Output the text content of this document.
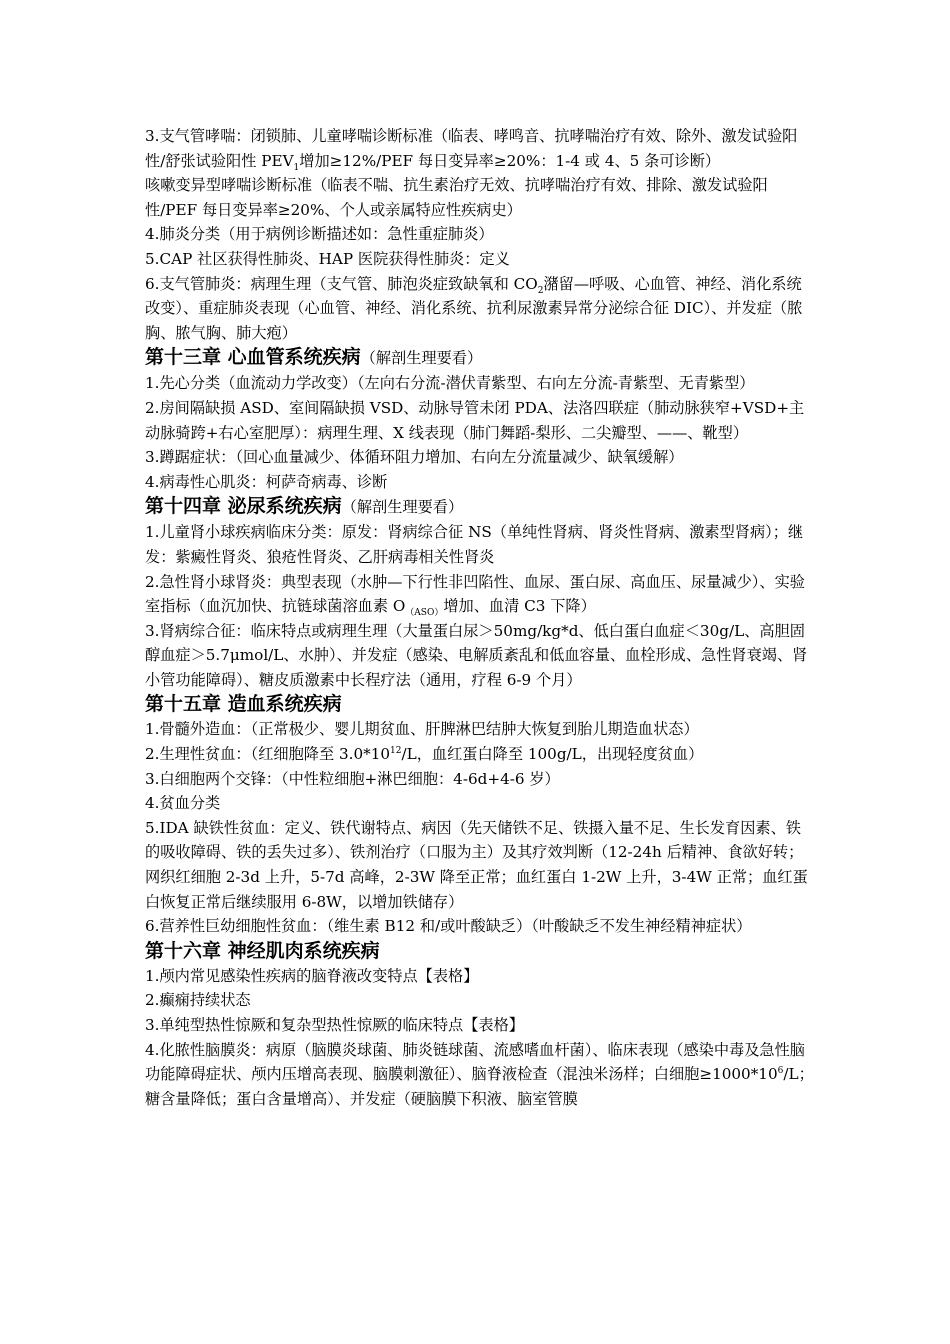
3.支气管哮喘：闭锁肺、儿童哮喘诊断标准（临表、哮鸣音、抗哮喘治疗有效、除外、激发试验阳性/舒张试验阳性 $PEV_1$增加≥12%/PEF 每日变异率≥20%：1-4 或 4、5 条可诊断）

咳嗽变异型哮喘诊断标准（临表不喘、抗生素治疗无效、抗哮喘治疗有效、排除、激发试验阳性/PEF 每日变异率≥20%、个人或亲属特应性疾病史）

4.肺炎分类（用于病例诊断描述如：急性重症肺炎）

5.CAP 社区获得性肺炎、HAP 医院获得性肺炎：定义

6.支气管肺炎：病理生理（支气管、肺泡炎症致缺氧和 $CO_2$潴留—呼吸、心血管、神经、消化系统改变）、重症肺炎表现（心血管、神经、消化系统、抗利尿激素异常分泌综合征 DIC）、并发症（脓胸、脓气胸、肺大疱）

第十三章 心血管系统疾病（解剖生理要看）

1.先心分类（血流动力学改变）（左向右分流-潜伏青紫型、右向左分流-青紫型、无青紫型）

2.房间隔缺损 ASD、室间隔缺损 VSD、动脉导管未闭 PDA、法洛四联症（肺动脉狭窄+VSD+主动脉骑跨+右心室肥厚）：病理生理、X 线表现（肺门舞蹈-梨形、二尖瓣型、——、靴型）

3.蹲踞症状：（回心血量减少、体循环阻力增加、右向左分流量减少、缺氧缓解）

4.病毒性心肌炎：柯萨奇病毒、诊断

第十四章 泌尿系统疾病（解剖生理要看）

1.儿童肾小球疾病临床分类：原发：肾病综合征 NS（单纯性肾病、肾炎性肾病、激素型肾病）；继发：紫癜性肾炎、狼疮性肾炎、乙肝病毒相关性肾炎

2.急性肾小球肾炎：典型表现（水肿—下行性非凹陷性、血尿、蛋白尿、高血压、尿量减少）、实验室指标（血沉加快、抗链球菌溶血素 $O_{(ASO)}$增加、血清 C3 下降）

3.肾病综合征：临床特点或病理生理（大量蛋白尿＞50mg/kg*d、低白蛋白血症＜30g/L、高胆固醇血症＞5.7μmol/L、水肿）、并发症（感染、电解质紊乱和低血容量、血栓形成、急性肾衰竭、肾小管功能障碍）、糖皮质激素中长程疗法（通用，疗程 6-9 个月）

第十五章 造血系统疾病

1.骨髓外造血：（正常极少、婴儿期贫血、肝脾淋巴结肿大恢复到胎儿期造血状态）

2.生理性贫血：（红细胞降至 $3.0*10^{12}/L$，血红蛋白降至 100g/L，出现轻度贫血）

3.白细胞两个交锋：（中性粒细胞+淋巴细胞：4-6d+4-6 岁）

4.贫血分类

5.IDA 缺铁性贫血：定义、铁代谢特点、病因（先天储铁不足、铁摄入量不足、生长发育因素、铁的吸收障碍、铁的丢失过多）、铁剂治疗（口服为主）及其疗效判断（12-24h 后精神、食欲好转；网织红细胞 2-3d 上升，5-7d 高峰，2-3W 降至正常；血红蛋白 1-2W 上升，3-4W 正常；血红蛋白恢复正常后继续服用 6-8W，以增加铁储存）

6.营养性巨幼细胞性贫血：（维生素 B12 和/或叶酸缺乏）（叶酸缺乏不发生神经精神症状）

第十六章 神经肌肉系统疾病

1.颅内常见感染性疾病的脑脊液改变特点【表格】

2.癫痫持续状态

3.单纯型热性惊厥和复杂型热性惊厥的临床特点【表格】

4.化脓性脑膜炎：病原（脑膜炎球菌、肺炎链球菌、流感嗜血杆菌）、临床表现（感染中毒及急性脑功能障碍症状、颅内压增高表现、脑膜刺激征）、脑脊液检查（混浊米汤样；白细胞$\ge 1000*10^6/L$；糖含量降低；蛋白含量增高）、并发症（硬脑膜下积液、脑室管膜
